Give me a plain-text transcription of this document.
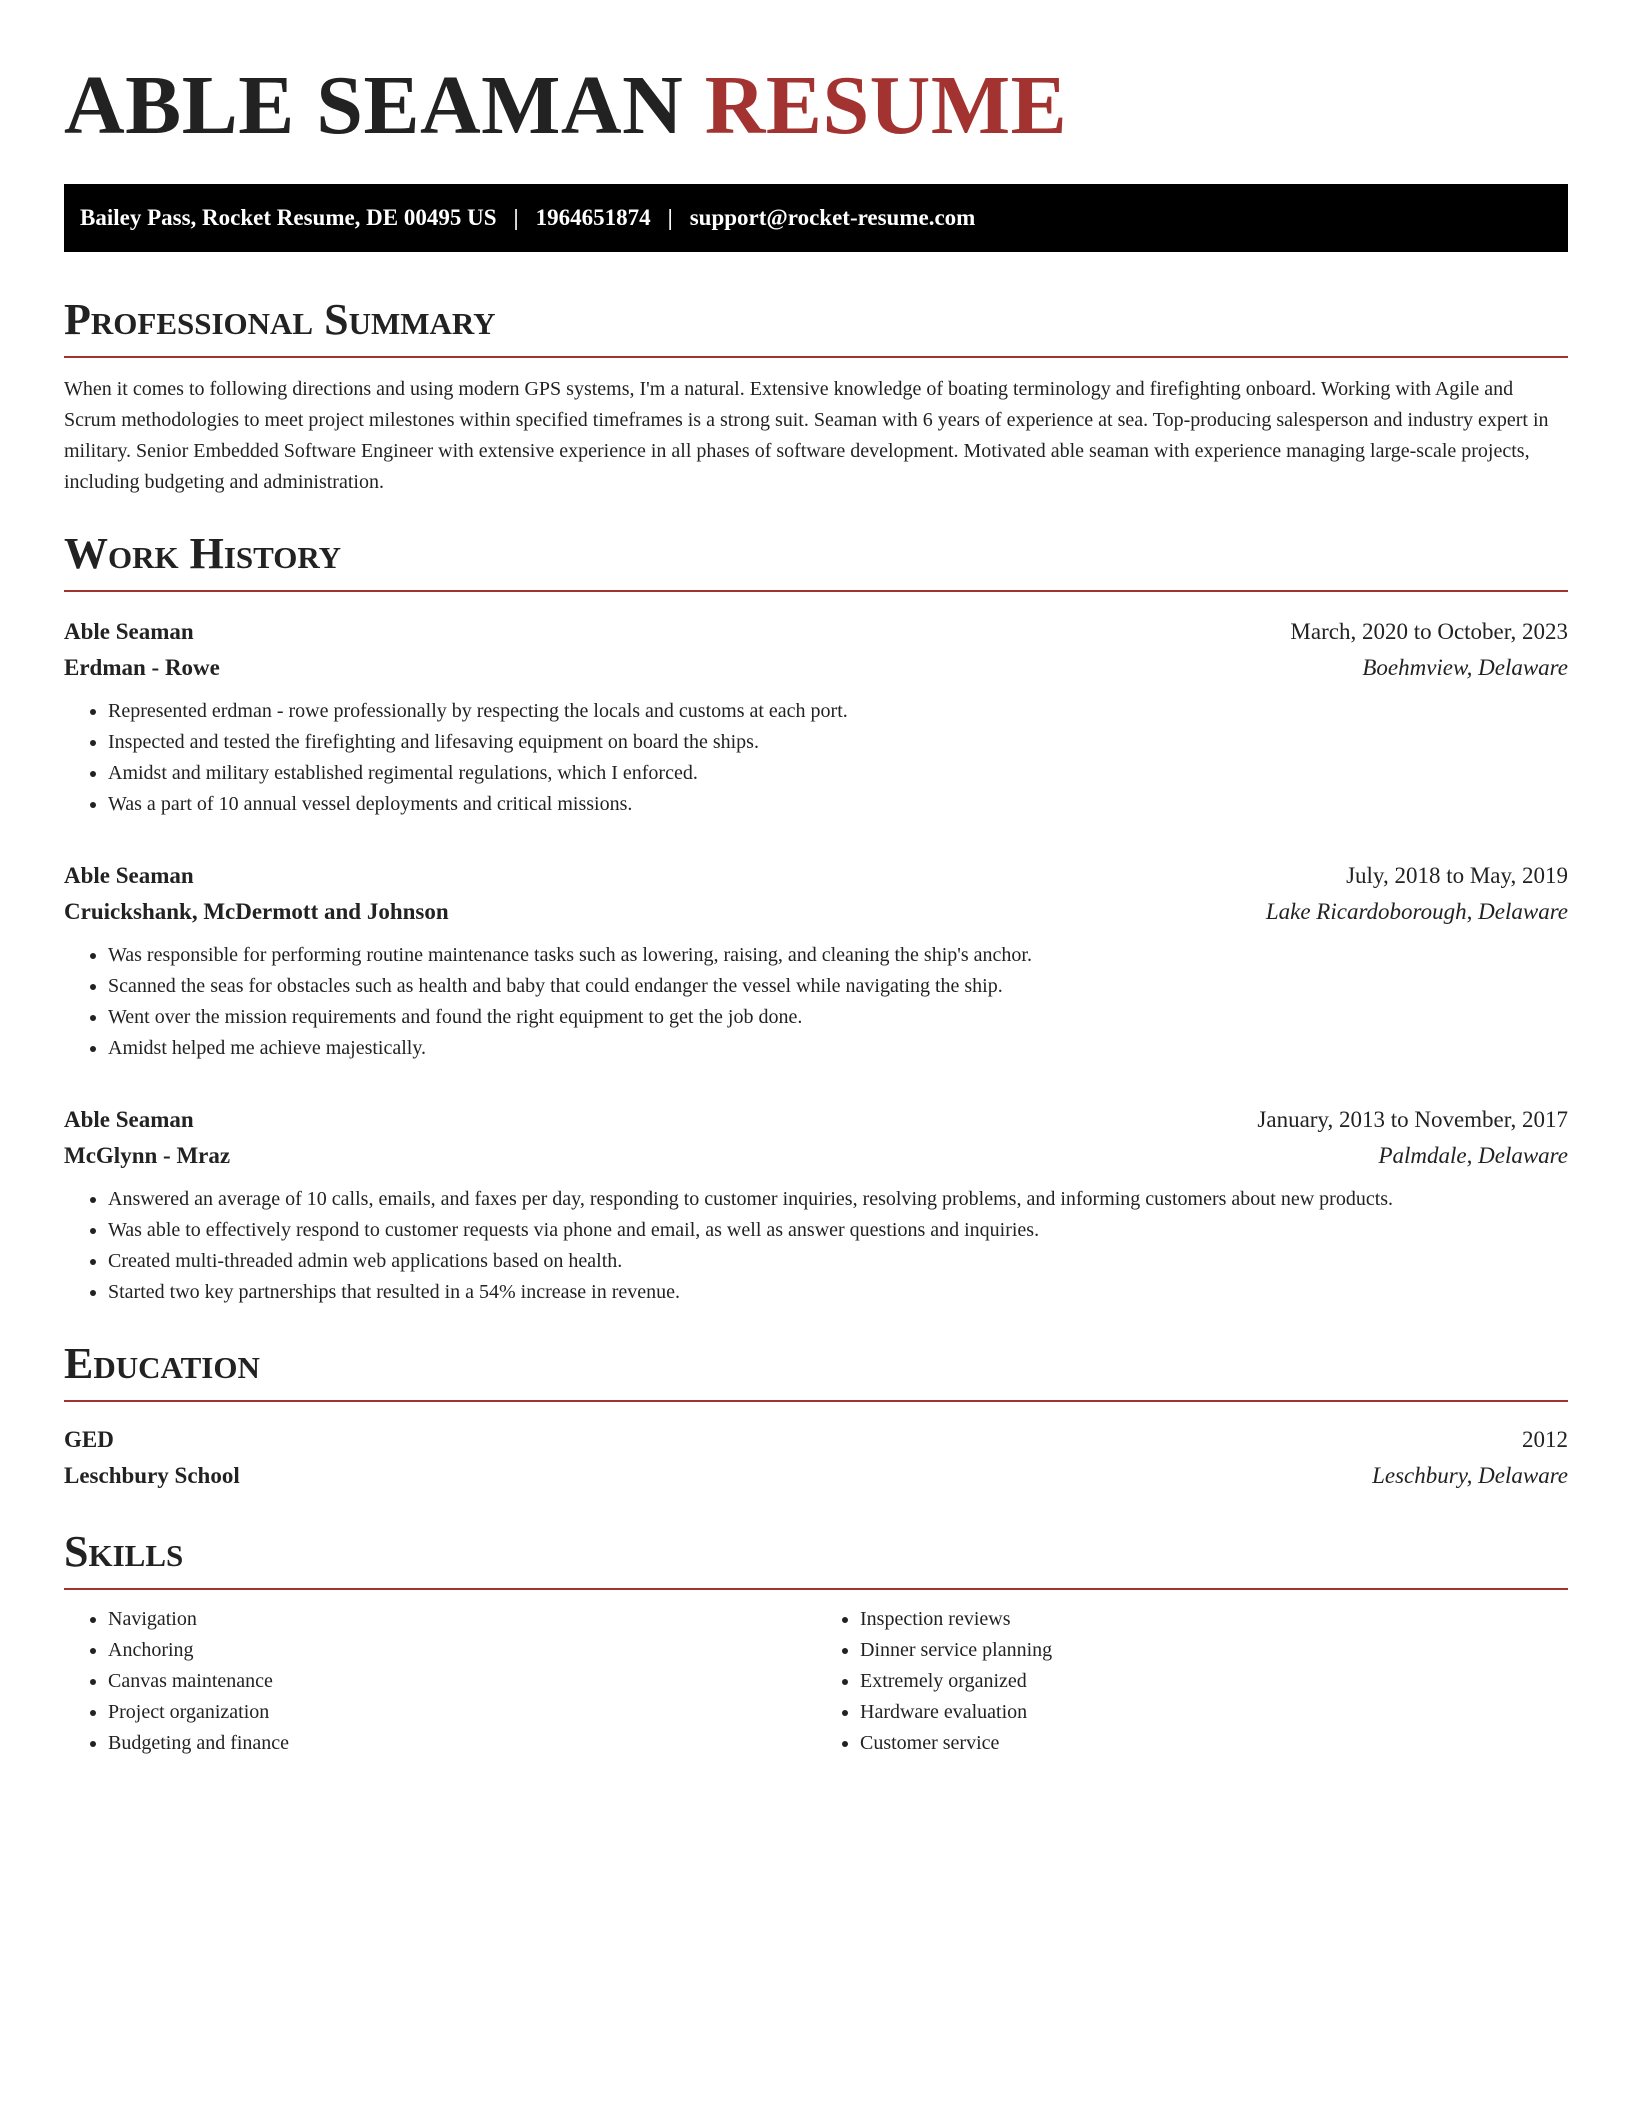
ABLE SEAMAN RESUME
Bailey Pass, Rocket Resume, DE 00495 US | 1964651874 | support@rocket-resume.com
Professional Summary

When it comes to following directions and using modern GPS systems, I'm a natural. Extensive knowledge of boating terminology and firefighting onboard. Working with Agile and Scrum methodologies to meet project milestones within specified timeframes is a strong suit. Seaman with 6 years of experience at sea. Top-producing salesperson and industry expert in military. Senior Embedded Software Engineer with extensive experience in all phases of software development. Motivated able seaman with experience managing large-scale projects, including budgeting and administration.

Work History
Able Seaman	March, 2020 to October, 2023
Erdman - Rowe	Boehmview, Delaware
• Represented erdman - rowe professionally by respecting the locals and customs at each port.
• Inspected and tested the firefighting and lifesaving equipment on board the ships.
• Amidst and military established regimental regulations, which I enforced.
• Was a part of 10 annual vessel deployments and critical missions.
Able Seaman	July, 2018 to May, 2019
Cruickshank, McDermott and Johnson	Lake Ricardoborough, Delaware
• Was responsible for performing routine maintenance tasks such as lowering, raising, and cleaning the ship's anchor.
• Scanned the seas for obstacles such as health and baby that could endanger the vessel while navigating the ship.
• Went over the mission requirements and found the right equipment to get the job done.
• Amidst helped me achieve majestically.
Able Seaman	January, 2013 to November, 2017
McGlynn - Mraz	Palmdale, Delaware
• Answered an average of 10 calls, emails, and faxes per day, responding to customer inquiries, resolving problems, and informing customers about new products.
• Was able to effectively respond to customer requests via phone and email, as well as answer questions and inquiries.
• Created multi-threaded admin web applications based on health.
• Started two key partnerships that resulted in a 54% increase in revenue.
Education
GED	2012
Leschbury School	Leschbury, Delaware
Skills
• Navigation
• Anchoring
• Canvas maintenance
• Project organization
• Budgeting and finance
• Inspection reviews
• Dinner service planning
• Extremely organized
• Hardware evaluation
• Customer service
